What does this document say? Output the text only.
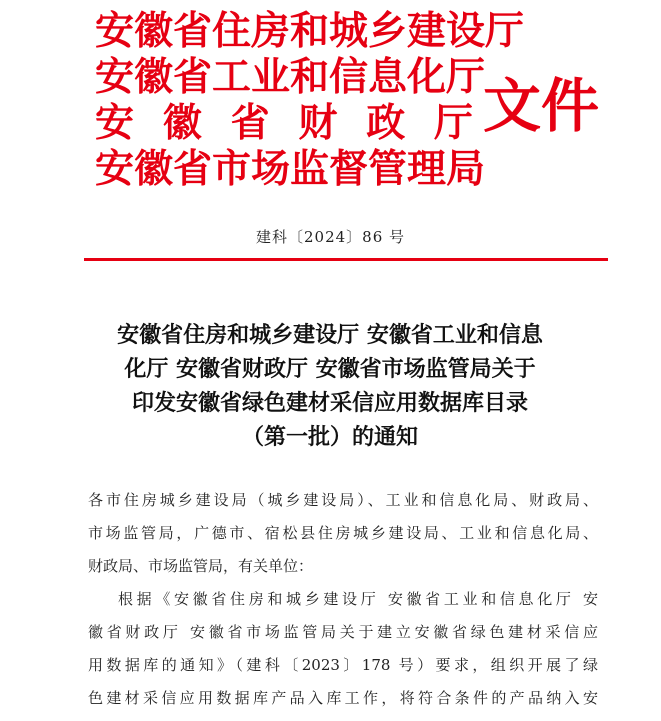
安徽省住房和城乡建设厅
安徽省工业和信息化厅
安 徽 省 财 政 厅
安徽省市场监督管理局
文件
建科〔2024〕86 号
安徽省住房和城乡建设厅 安徽省工业和信息
化厅 安徽省财政厅 安徽省市场监管局关于
印发安徽省绿色建材采信应用数据库目录
（第一批）的通知
各市住房城乡建设局（城乡建设局）、工业和信息化局、财政局、
市场监管局，广德市、宿松县住房城乡建设局、工业和信息化局、
财政局、市场监管局，有关单位：
根据《安徽省住房和城乡建设厅 安徽省工业和信息化厅 安
徽省财政厅 安徽省市场监管局关于建立安徽省绿色建材采信应
用数据库的通知》（建科〔2023〕178 号）要求，组织开展了绿
色建材采信应用数据库产品入库工作，将符合条件的产品纳入安
